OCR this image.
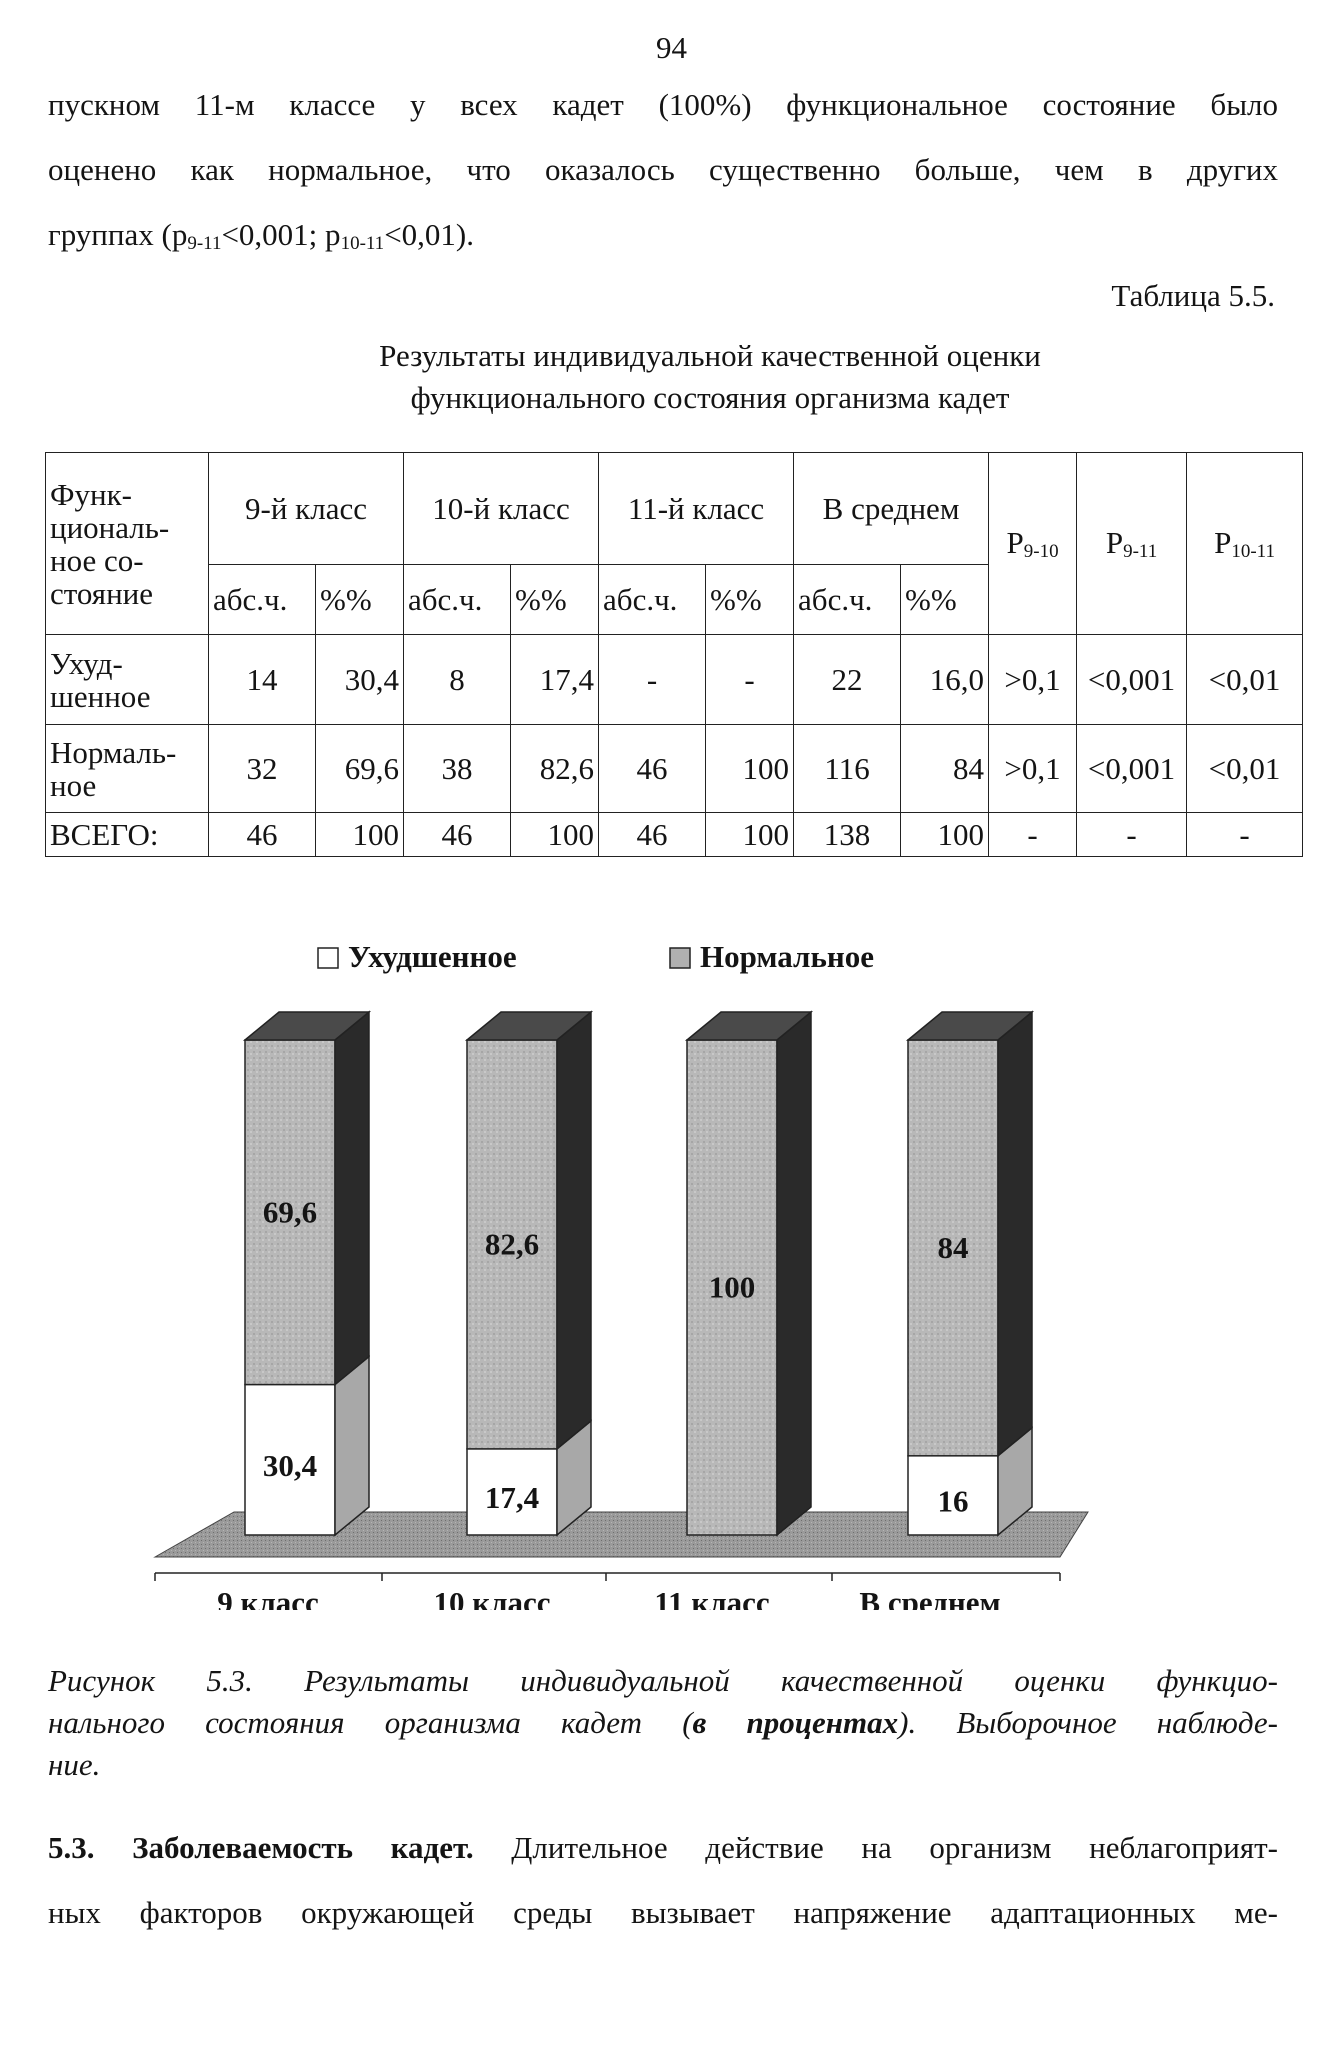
94
пускном 11-м классе у всех кадет (100%) функциональное состояние было
оценено как нормальное, что оказалось существенно больше, чем в других
группах ($p_{9-11}<0,001$; $p_{10-11}<0,01$).
Таблица 5.5.
Результаты индивидуальной качественной оценки
функционального состояния организма кадет
Функ-
циональ-
ное со-
стояние	9-й класс		10-й класс		11-й класс		В среднем		$P_{9-10}$	$P_{9-11}$	$P_{10-11}$
	абс.ч.	%%	абс.ч.	%%	абс.ч.	%%	абс.ч.	%%			

Ухуд-
шенное	14	30,4	8	17,4	-	-	22	16,0	>0,1	<0,001	<0,01

Нормаль-
ное	32	69,6	38	82,6	46	100	116	84	>0,1	<0,001	<0,01

ВСЕГО:	46	100	46	100	46	100	138	100	-	-	-
Ухудшенное	Нормальное
30,4
69,6
17,4
82,6
100
16
84
9 класс	10 класс	11 класс	В среднем
Рисунок 5.3. Результаты индивидуальной качественной оценки функцио-
нального состояния организма кадет (в процентах). Выборочное наблюде-
ние.
5.3. Заболеваемость кадет. Длительное действие на организм неблагоприят-
ных факторов окружающей среды вызывает напряжение адаптационных ме-
